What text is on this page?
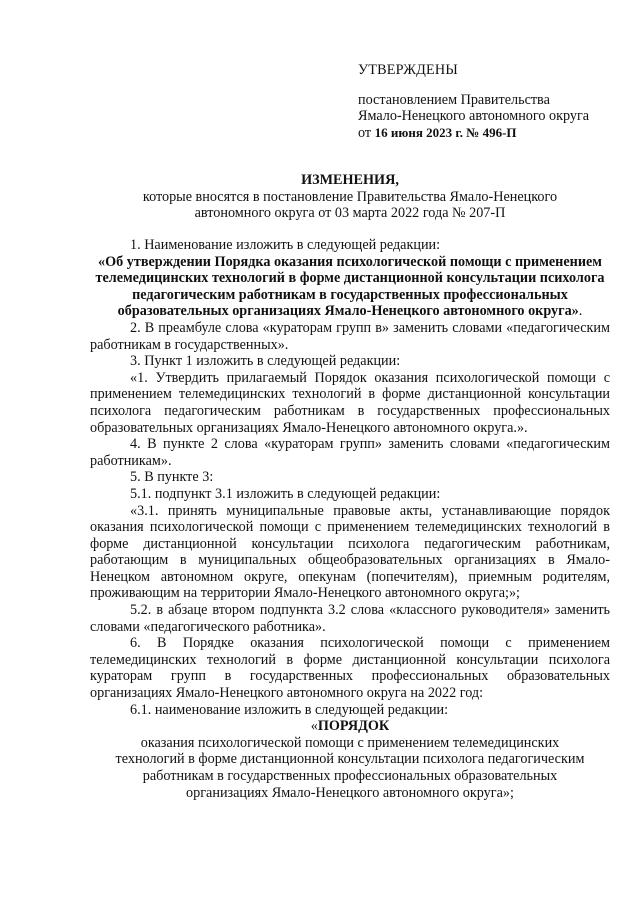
УТВЕРЖДЕНЫ
постановлением Правительства
Ямало-Ненецкого автономного округа
от 16 июня 2023 г. № 496-П
ИЗМЕНЕНИЯ,
которые вносятся в постановление Правительства Ямало-Ненецкого
автономного округа от 03 марта 2022 года № 207-П

1. Наименование изложить в следующей редакции:

«Об утверждении Порядка оказания психологической помощи с применением телемедицинских технологий в форме дистанционной консультации психолога педагогическим работникам в государственных профессиональных образовательных организациях Ямало-Ненецкого автономного округа».

2. В преамбуле слова «кураторам групп в» заменить словами «педагогическим работникам в государственных».

3. Пункт 1 изложить в следующей редакции:

«1. Утвердить прилагаемый Порядок оказания психологической помощи с применением телемедицинских технологий в форме дистанционной консультации психолога педагогическим работникам в государственных профессиональных образовательных организациях Ямало-Ненецкого автономного округа.».

4. В пункте 2 слова «кураторам групп» заменить словами «педагогическим работникам».

5. В пункте 3:

5.1. подпункт 3.1 изложить в следующей редакции:

«3.1. принять муниципальные правовые акты, устанавливающие порядок оказания психологической помощи с применением телемедицинских технологий в форме дистанционной консультации психолога педагогическим работникам, работающим в муниципальных общеобразовательных организациях в Ямало-Ненецком автономном округе, опекунам (попечителям), приемным родителям, проживающим на территории Ямало-Ненецкого автономного округа;»;

5.2. в абзаце втором подпункта 3.2 слова «классного руководителя» заменить словами «педагогического работника».

6. В Порядке оказания психологической помощи с применением телемедицинских технологий в форме дистанционной консультации психолога кураторам групп в государственных профессиональных образовательных организациях Ямало-Ненецкого автономного округа на 2022 год:

6.1. наименование изложить в следующей редакции:

«ПОРЯДОК

оказания психологической помощи с применением телемедицинских

технологий в форме дистанционной консультации психолога педагогическим

работникам в государственных профессиональных образовательных

организациях Ямало-Ненецкого автономного округа»;
